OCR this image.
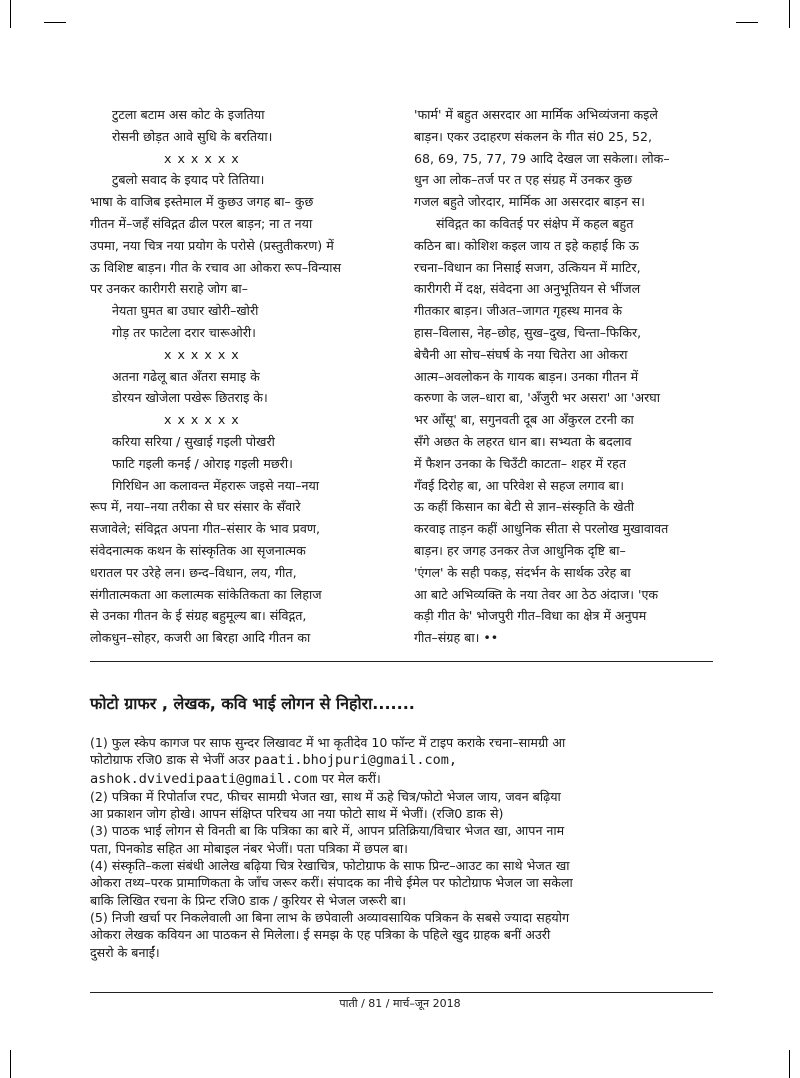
टुटला बटाम अस कोट के इजतिया
रोसनी छोड़त आवे सुधि के बरतिया।
x x x x x x
टुबलो सवाद के इयाद परे तितिया।
भाषा के वाजिब इस्तेमाल में कुछउ जगह बा– कुछ
गीतन में–जहँ संविद्गत ढील परल बाड़न; ना त नया
उपमा, नया चित्र नया प्रयोग के परोसे (प्रस्तुतीकरण) में
ऊ विशिष्ट बाड़न। गीत के रचाव आ ओकरा रूप–विन्यास
पर उनकर कारीगरी सराहे जोग बा–
नेयता घुमत बा उघार खोरी–खोरी
गोड़ तर फाटेला दरार चारूओरी।
x x x x x x
अतना गढेलू बात अँतरा समाइ के
डोरयन खोजेला पखेरू छितराइ के।
x x x x x x
करिया सरिया / सुखाई गइली पोखरी
फाटि गइली कनई / ओराइ गइली मछरी।
गिरिधिन आ कलावन्त मेंहरारू जइसे नया–नया
रूप में, नया–नया तरीका से घर संसार के सँवारे
सजावेले; संविद्गत अपना गीत–संसार के भाव प्रवण,
संवेदनात्मक कथन के सांस्कृतिक आ सृजनात्मक
धरातल पर उरेहे लन। छन्द–विधान, लय, गीत,
संगीतात्मकता आ कलात्मक सांकेतिकता का लिहाज
से उनका गीतन के ई संग्रह बहुमूल्य बा। संविद्गत,
लोकधुन–सोहर, कजरी आ बिरहा आदि गीतन का
'फार्म' में बहुत असरदार आ मार्मिक अभिव्यंजना कइले
बाड़न। एकर उदाहरण संकलन के गीत सं0 25, 52,
68, 69, 75, 77, 79 आदि देखल जा सकेला। लोक–
धुन आ लोक–तर्ज पर त एह संग्रह में उनकर कुछ
गजल बहुते जोरदार, मार्मिक आ असरदार बाड़न स।
संविद्गत का कवितई पर संक्षेप में कहल बहुत
कठिन बा। कोशिश कइल जाय त इहे कहाई कि ऊ
रचना–विधान का निसाई सजग, उत्कियन में माटिर,
कारीगरी में दक्ष, संवेदना आ अनुभूतियन से भींजल
गीतकार बाड़न। जीअत–जागत गृहस्थ मानव के
हास–विलास, नेह–छोह, सुख–दुख, चिन्ता–फिकिर,
बेचैनी आ सोच–संघर्ष के नया चितेरा आ ओकरा
आत्म–अवलोकन के गायक बाड़न। उनका गीतन में
करुणा के जल–धारा बा, 'अँजुरी भर असरा' आ 'अरघा
भर आँसू' बा, सगुनवती दूब आ अँकुरल टरनी का
सँगे अछत के लहरत धान बा। सभ्यता के बदलाव
में फैशन उनका के चिउँटी काटता– शहर में रहत
गँवई दिरोह बा, आ परिवेश से सहज लगाव बा।
ऊ कहीं किसान का बेटी से ज्ञान–संस्कृति के खेती
करवाइ ताड़न कहीं आधुनिक सीता से परलोख मुखावावत
बाड़न। हर जगह उनकर तेज आधुनिक दृष्टि बा–
'एंगल' के सही पकड़, संदर्भन के सार्थक उरेह बा
आ बाटे अभिव्यक्ति के नया तेवर आ ठेठ अंदाज। 'एक
कड़ी गीत के' भोजपुरी गीत–विधा का क्षेत्र में अनुपम
गीत–संग्रह बा। ••
फोटो ग्राफर , लेखक, कवि भाई लोगन से निहोरा.......
(1) फुल स्केप कागज पर साफ सुन्दर लिखावट में भा कृतीदेव 10 फॉन्ट में टाइप कराके रचना–सामग्री आ
फोटोग्राफ रजि0 डाक से भेजीं अउर paati.bhojpuri@gmail.com,
ashok.dvivedipaati@gmail.com पर मेल करीं।
(2) पत्रिका में रिपोर्ताज रपट, फीचर सामग्री भेजत खा, साथ में ऊहे चित्र/फोटो भेजल जाय, जवन बढ़िया
आ प्रकाशन जोग होखे। आपन संक्षिप्त परिचय आ नया फोटो साथ में भेजीं। (रजि0 डाक से)
(3) पाठक भाई लोगन से विनती बा कि पत्रिका का बारे में, आपन प्रतिक्रिया/विचार भेजत खा, आपन नाम
पता, पिनकोड सहित आ मोबाइल नंबर भेजीं। पता पत्रिका में छपल बा।
(4) संस्कृति–कला संबंधी आलेख बढ़िया चित्र रेखाचित्र, फोटोग्राफ के साफ प्रिन्ट–आउट का साथे भेजत खा
ओकरा तथ्य–परक प्रामाणिकता के जाँच जरूर करीं। संपादक का नीचे ईमेल पर फोटोग्राफ भेजल जा सकेला
बाकि लिखित रचना के प्रिन्ट रजि0 डाक / कुरियर से भेजल जरूरी बा।
(5) निजी खर्चा पर निकलेवाली आ बिना लाभ के छपेवाली अव्यावसायिक पत्रिकन के सबसे ज्यादा सहयोग
ओकरा लेखक कवियन आ पाठकन से मिलेला। ई समझ के एह पत्रिका के पहिले खुद ग्राहक बनीं अउरी
दुसरो के बनाईं।
पाती / 81 / मार्च–जून 2018
